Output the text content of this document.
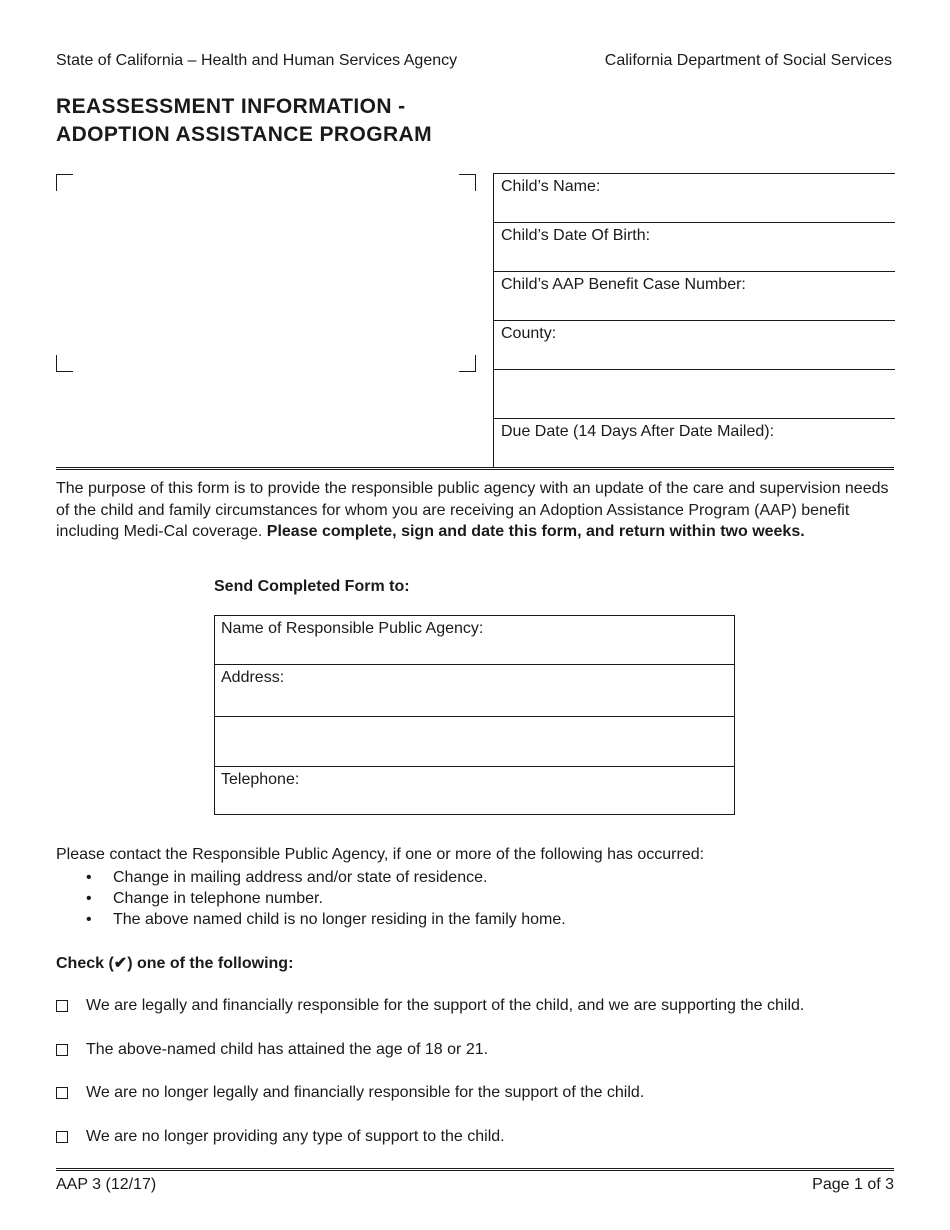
State of California – Health and Human Services Agency	California Department of Social Services
REASSESSMENT INFORMATION -
ADOPTION ASSISTANCE PROGRAM
Child’s Name:
Child’s Date Of Birth:
Child’s AAP Benefit Case Number:
County:
Due Date (14 Days After Date Mailed):

The purpose of this form is to provide the responsible public agency with an update of the care and supervision needs of the child and family circumstances for whom you are receiving an Adoption Assistance Program (AAP) benefit including Medi-Cal coverage. Please complete, sign and date this form, and return within two weeks.

Send Completed Form to:
Name of Responsible Public Agency:
Address:
Telephone:
Please contact the Responsible Public Agency, if one or more of the following has occurred:
• Change in mailing address and/or state of residence.
• Change in telephone number.
• The above named child is no longer residing in the family home.
Check (✔) one of the following:
We are legally and financially responsible for the support of the child, and we are supporting the child.
The above-named child has attained the age of 18 or 21.
We are no longer legally and financially responsible for the support of the child.
We are no longer providing any type of support to the child.
AAP 3 (12/17)	Page 1 of 3
